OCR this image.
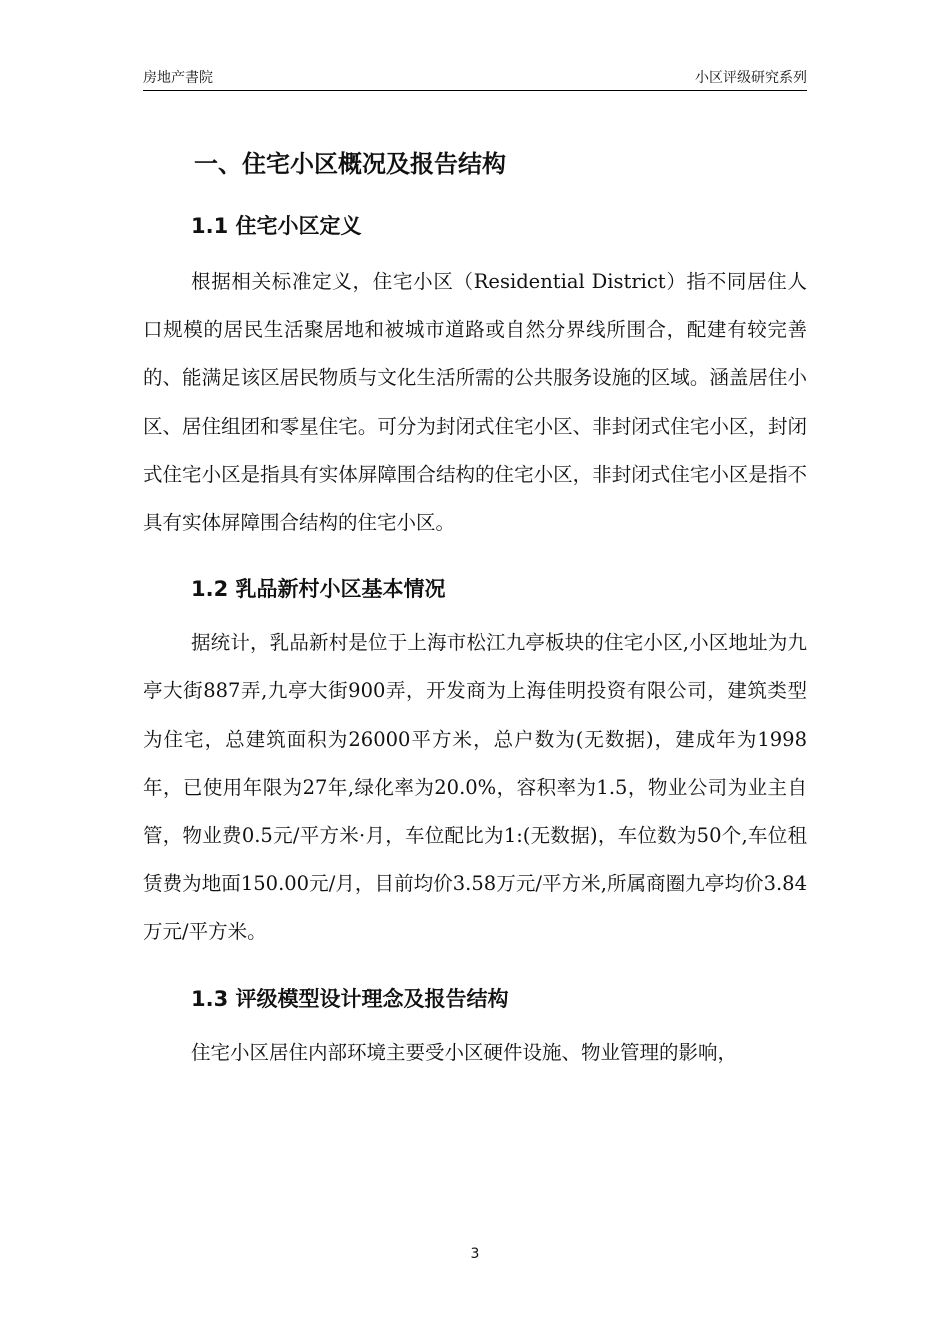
房地产書院	小区评级研究系列
一、住宅小区概况及报告结构
1.1 住宅小区定义

根据相关标准定义，住宅小区（Residential District）指不同居住人口规模的居民生活聚居地和被城市道路或自然分界线所围合，配建有较完善的、能满足该区居民物质与文化生活所需的公共服务设施的区域。涵盖居住小区、居住组团和零星住宅。可分为封闭式住宅小区、非封闭式住宅小区，封闭式住宅小区是指具有实体屏障围合结构的住宅小区，非封闭式住宅小区是指不具有实体屏障围合结构的住宅小区。

1.2 乳品新村小区基本情况

据统计，乳品新村是位于上海市松江九亭板块的住宅小区,小区地址为九亭大街887弄,九亭大街900弄，开发商为上海佳明投资有限公司，建筑类型为住宅，总建筑面积为26000平方米，总户数为(无数据)，建成年为1998年，已使用年限为27年,绿化率为20.0%，容积率为1.5，物业公司为业主自管，物业费0.5元/平方米·月，车位配比为1:(无数据)，车位数为50个,车位租赁费为地面150.00元/月，目前均价3.58万元/平方米,所属商圈九亭均价3.84万元/平方米。

1.3 评级模型设计理念及报告结构

住宅小区居住内部环境主要受小区硬件设施、物业管理的影响，

3
